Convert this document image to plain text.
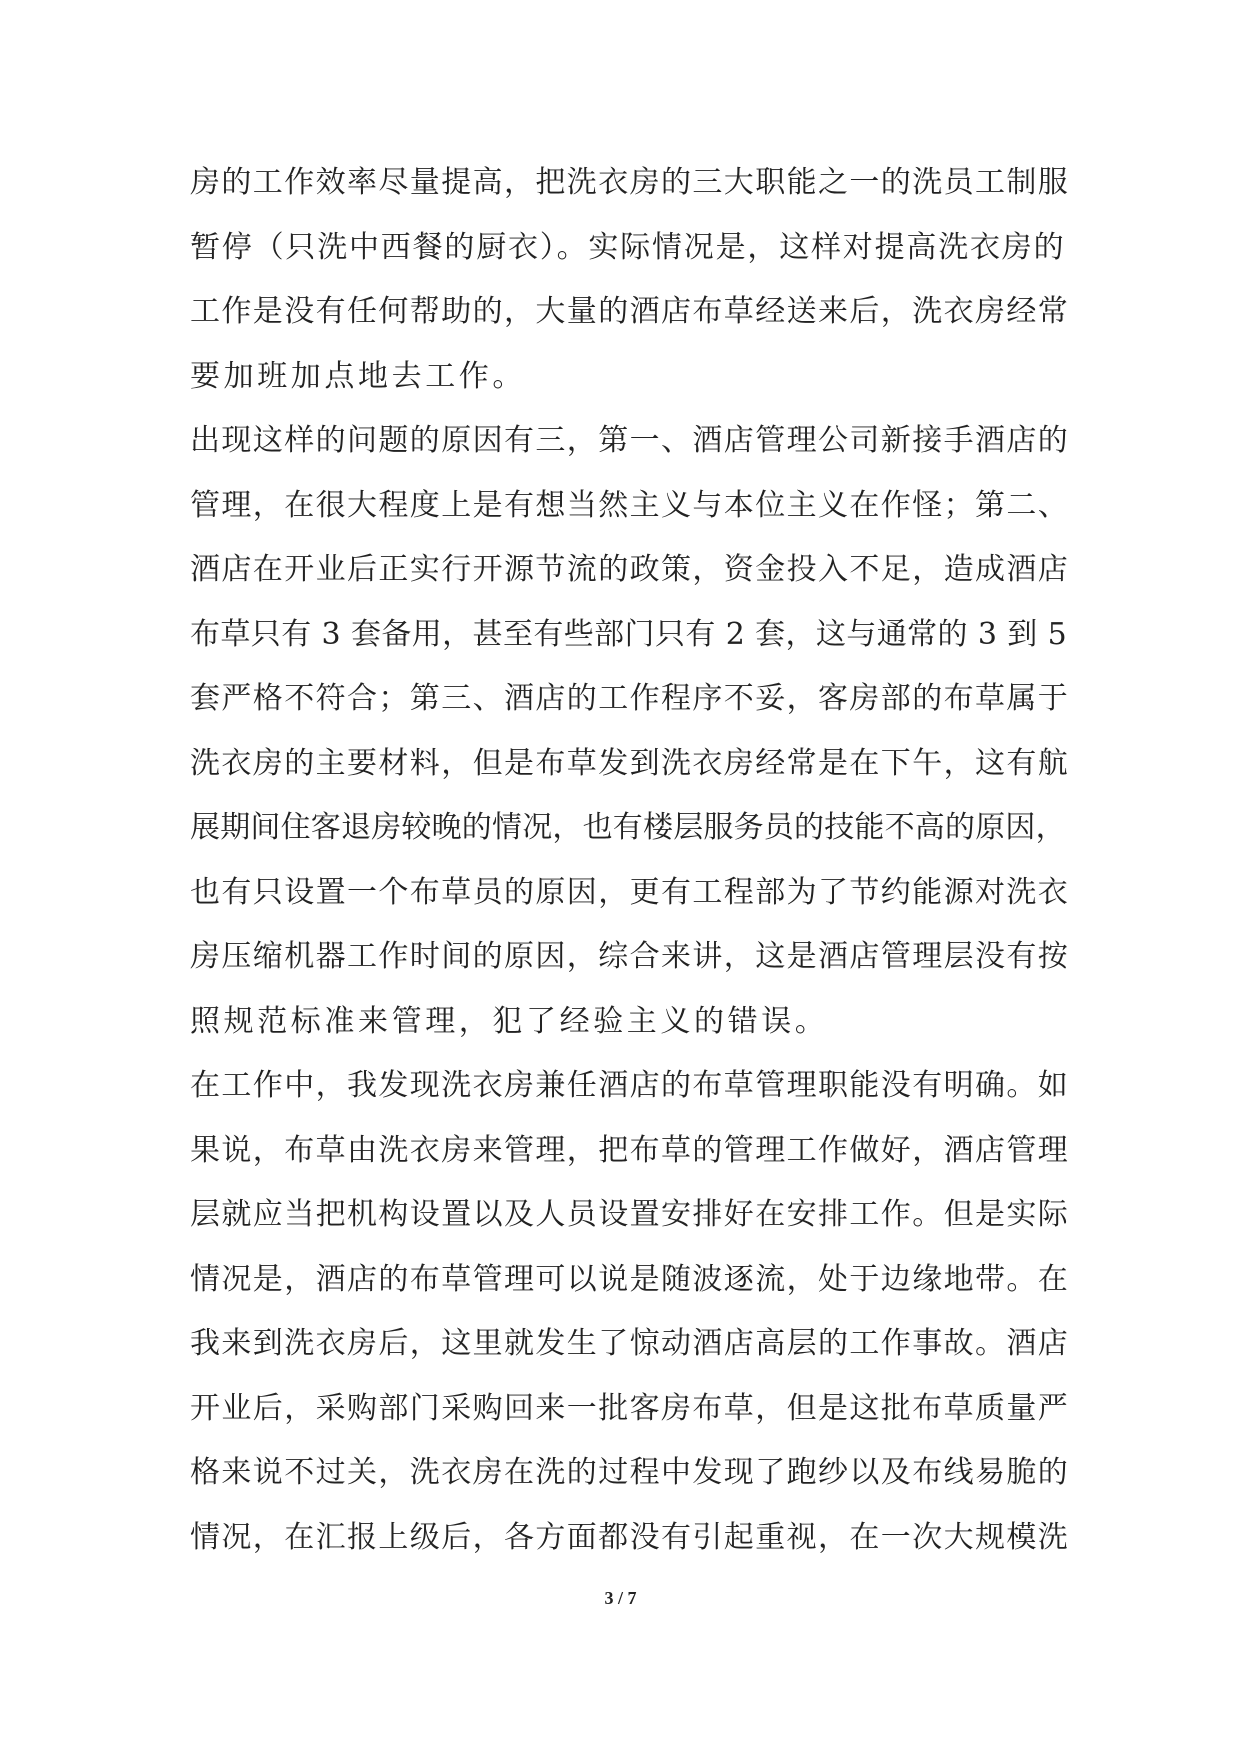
房的工作效率尽量提高，把洗衣房的三大职能之一的洗员工制服
暂停（只洗中西餐的厨衣）。实际情况是，这样对提高洗衣房的
工作是没有任何帮助的，大量的酒店布草经送来后，洗衣房经常
要加班加点地去工作。
出现这样的问题的原因有三，第一、酒店管理公司新接手酒店的
管理，在很大程度上是有想当然主义与本位主义在作怪；第二、
酒店在开业后正实行开源节流的政策，资金投入不足，造成酒店
布草只有 3 套备用，甚至有些部门只有 2 套，这与通常的 3 到 5
套严格不符合；第三、酒店的工作程序不妥，客房部的布草属于
洗衣房的主要材料，但是布草发到洗衣房经常是在下午，这有航
展期间住客退房较晚的情况，也有楼层服务员的技能不高的原因，
也有只设置一个布草员的原因，更有工程部为了节约能源对洗衣
房压缩机器工作时间的原因，综合来讲，这是酒店管理层没有按
照规范标准来管理，犯了经验主义的错误。
在工作中，我发现洗衣房兼任酒店的布草管理职能没有明确。如
果说，布草由洗衣房来管理，把布草的管理工作做好，酒店管理
层就应当把机构设置以及人员设置安排好在安排工作。但是实际
情况是，酒店的布草管理可以说是随波逐流，处于边缘地带。在
我来到洗衣房后，这里就发生了惊动酒店高层的工作事故。酒店
开业后，采购部门采购回来一批客房布草，但是这批布草质量严
格来说不过关，洗衣房在洗的过程中发现了跑纱以及布线易脆的
情况，在汇报上级后，各方面都没有引起重视，在一次大规模洗
3 / 7
